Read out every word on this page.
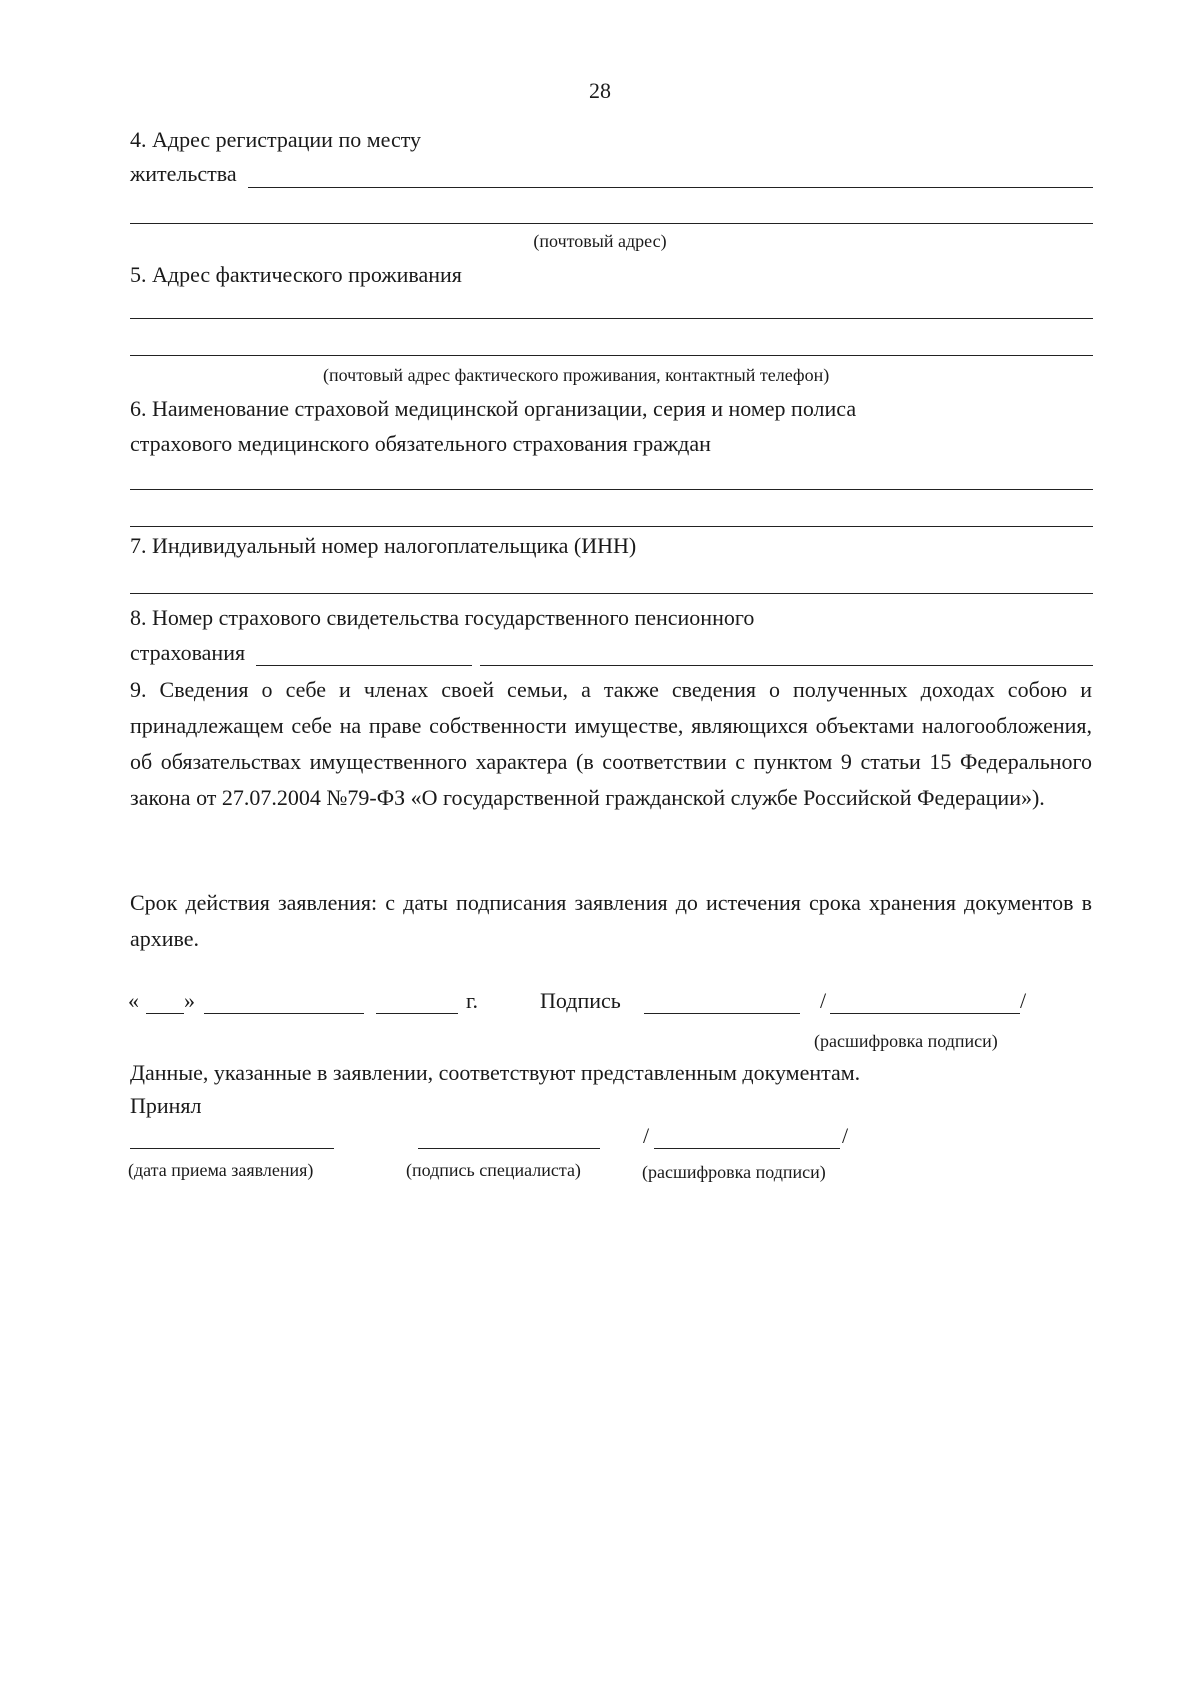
28
4. Адрес регистрации по месту
жительства
(почтовый адрес)
5. Адрес фактического проживания
(почтовый адрес фактического проживания, контактный телефон)
6. Наименование страховой медицинской организации, серия и номер полиса
страхового медицинского обязательного страхования граждан
7. Индивидуальный номер налогоплательщика (ИНН)
8. Номер страхового свидетельства государственного пенсионного
страхования
9. Сведения о себе и членах своей семьи, а также сведения о полученных доходах собою и принадлежащем себе на праве собственности имуществе, являющихся объектами налогообложения, об обязательствах имущественного характера (в соответствии с пунктом 9 статьи 15 Федерального закона от 27.07.2004 №79-ФЗ «О государственной гражданской службе Российской Федерации»).
Срок действия заявления: с даты подписания заявления до истечения срока хранения документов в архиве.
« »	г.	Подпись	/	/
(расшифровка подписи)
Данные, указанные в заявлении, соответствуют представленным документам.
Принял
/	/
(дата приема заявления)	(подпись специалиста)	(расшифровка подписи)
